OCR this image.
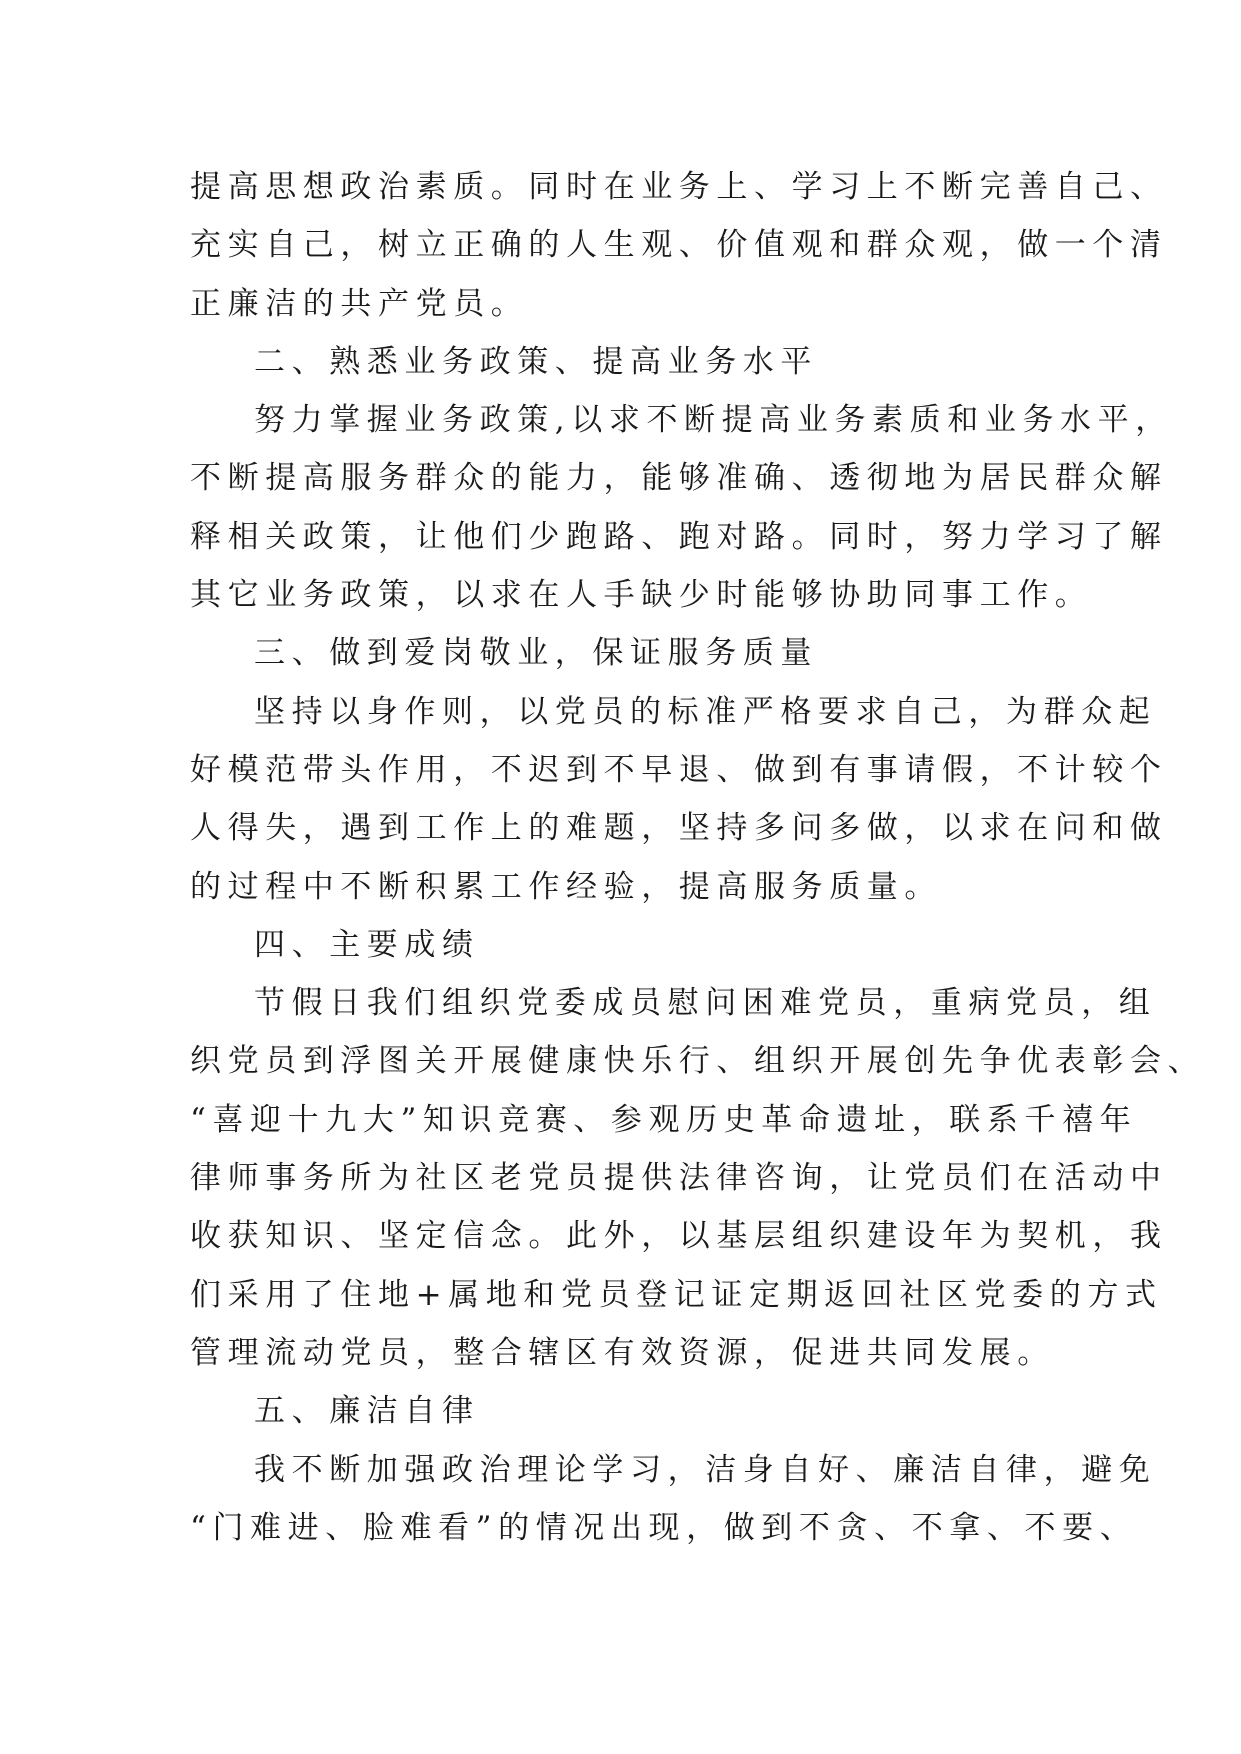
提高思想政治素质。同时在业务上、学习上不断完善自己、
充实自己，树立正确的人生观、价值观和群众观，做一个清
正廉洁的共产党员。
二、熟悉业务政策、提高业务水平
努力掌握业务政策,以求不断提高业务素质和业务水平，
不断提高服务群众的能力，能够准确、透彻地为居民群众解
释相关政策，让他们少跑路、跑对路。同时，努力学习了解
其它业务政策，以求在人手缺少时能够协助同事工作。
三、做到爱岗敬业，保证服务质量
坚持以身作则，以党员的标准严格要求自己，为群众起
好模范带头作用，不迟到不早退、做到有事请假，不计较个
人得失，遇到工作上的难题，坚持多问多做，以求在问和做
的过程中不断积累工作经验，提高服务质量。
四、主要成绩
节假日我们组织党委成员慰问困难党员，重病党员，组
织党员到浮图关开展健康快乐行、组织开展创先争优表彰会、
“喜迎十九大”知识竞赛、参观历史革命遗址，联系千禧年
律师事务所为社区老党员提供法律咨询，让党员们在活动中
收获知识、坚定信念。此外，以基层组织建设年为契机，我
们采用了住地+属地和党员登记证定期返回社区党委的方式
管理流动党员，整合辖区有效资源，促进共同发展。
五、廉洁自律
我不断加强政治理论学习，洁身自好、廉洁自律，避免
“门难进、脸难看”的情况出现，做到不贪、不拿、不要、
